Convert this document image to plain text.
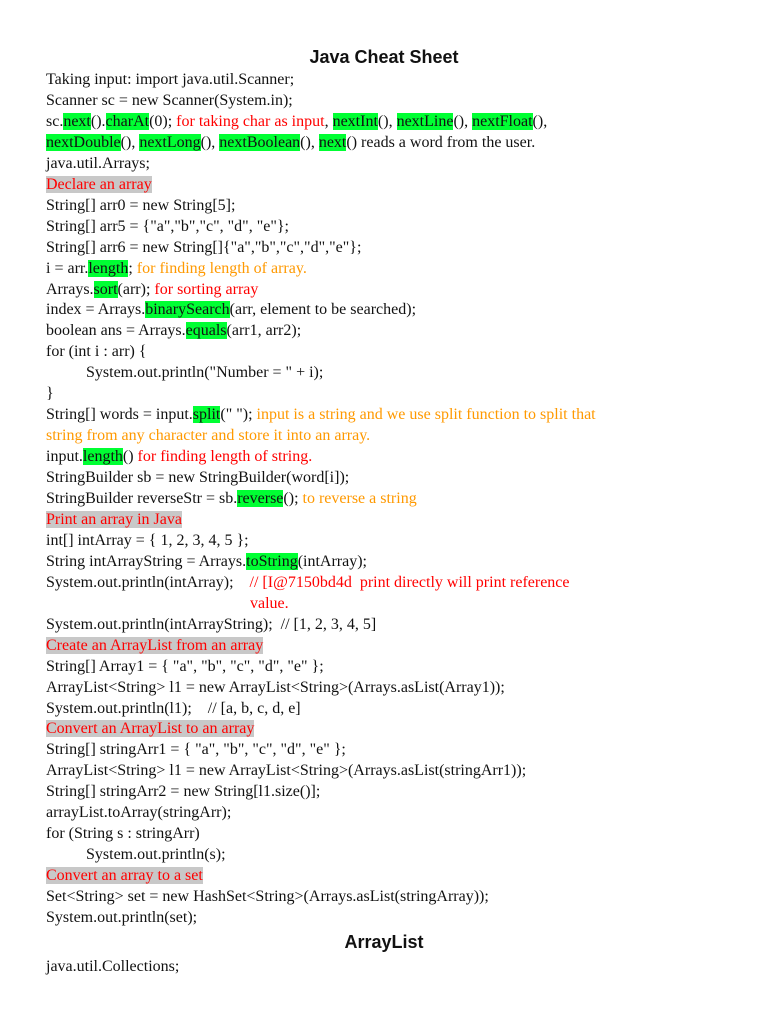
Java Cheat Sheet
Taking input: import java.util.Scanner;
Scanner sc = new Scanner(System.in);
sc.next().charAt(0); for taking char as input, nextInt(), nextLine(), nextFloat(),
nextDouble(), nextLong(), nextBoolean(), next() reads a word from the user.
java.util.Arrays;
Declare an array
String[] arr0 = new String[5];
String[] arr5 = {"a","b","c", "d", "e"};
String[] arr6 = new String[]{"a","b","c","d","e"};
i = arr.length; for finding length of array.
Arrays.sort(arr); for sorting array
index = Arrays.binarySearch(arr, element to be searched);
boolean ans = Arrays.equals(arr1, arr2);
for (int i : arr) {
System.out.println("Number = " + i);
}
String[] words = input.split(" "); input is a string and we use split function to split that
string from any character and store it into an array.
input.length() for finding length of string.
StringBuilder sb = new StringBuilder(word[i]);
StringBuilder reverseStr = sb.reverse(); to reverse a string
Print an array in Java
int[] intArray = { 1, 2, 3, 4, 5 };
String intArrayString = Arrays.toString(intArray);
System.out.println(intArray);    // [I@7150bd4d  print directly will print reference
value.
System.out.println(intArrayString);  // [1, 2, 3, 4, 5]
Create an ArrayList from an array
String[] Array1 = { "a", "b", "c", "d", "e" };
ArrayList<String> l1 = new ArrayList<String>(Arrays.asList(Array1));
System.out.println(l1);    // [a, b, c, d, e]
Convert an ArrayList to an array
String[] stringArr1 = { "a", "b", "c", "d", "e" };
ArrayList<String> l1 = new ArrayList<String>(Arrays.asList(stringArr1));
String[] stringArr2 = new String[l1.size()];
arrayList.toArray(stringArr);
for (String s : stringArr)
System.out.println(s);
Convert an array to a set
Set<String> set = new HashSet<String>(Arrays.asList(stringArray));
System.out.println(set);
ArrayList
java.util.Collections;
